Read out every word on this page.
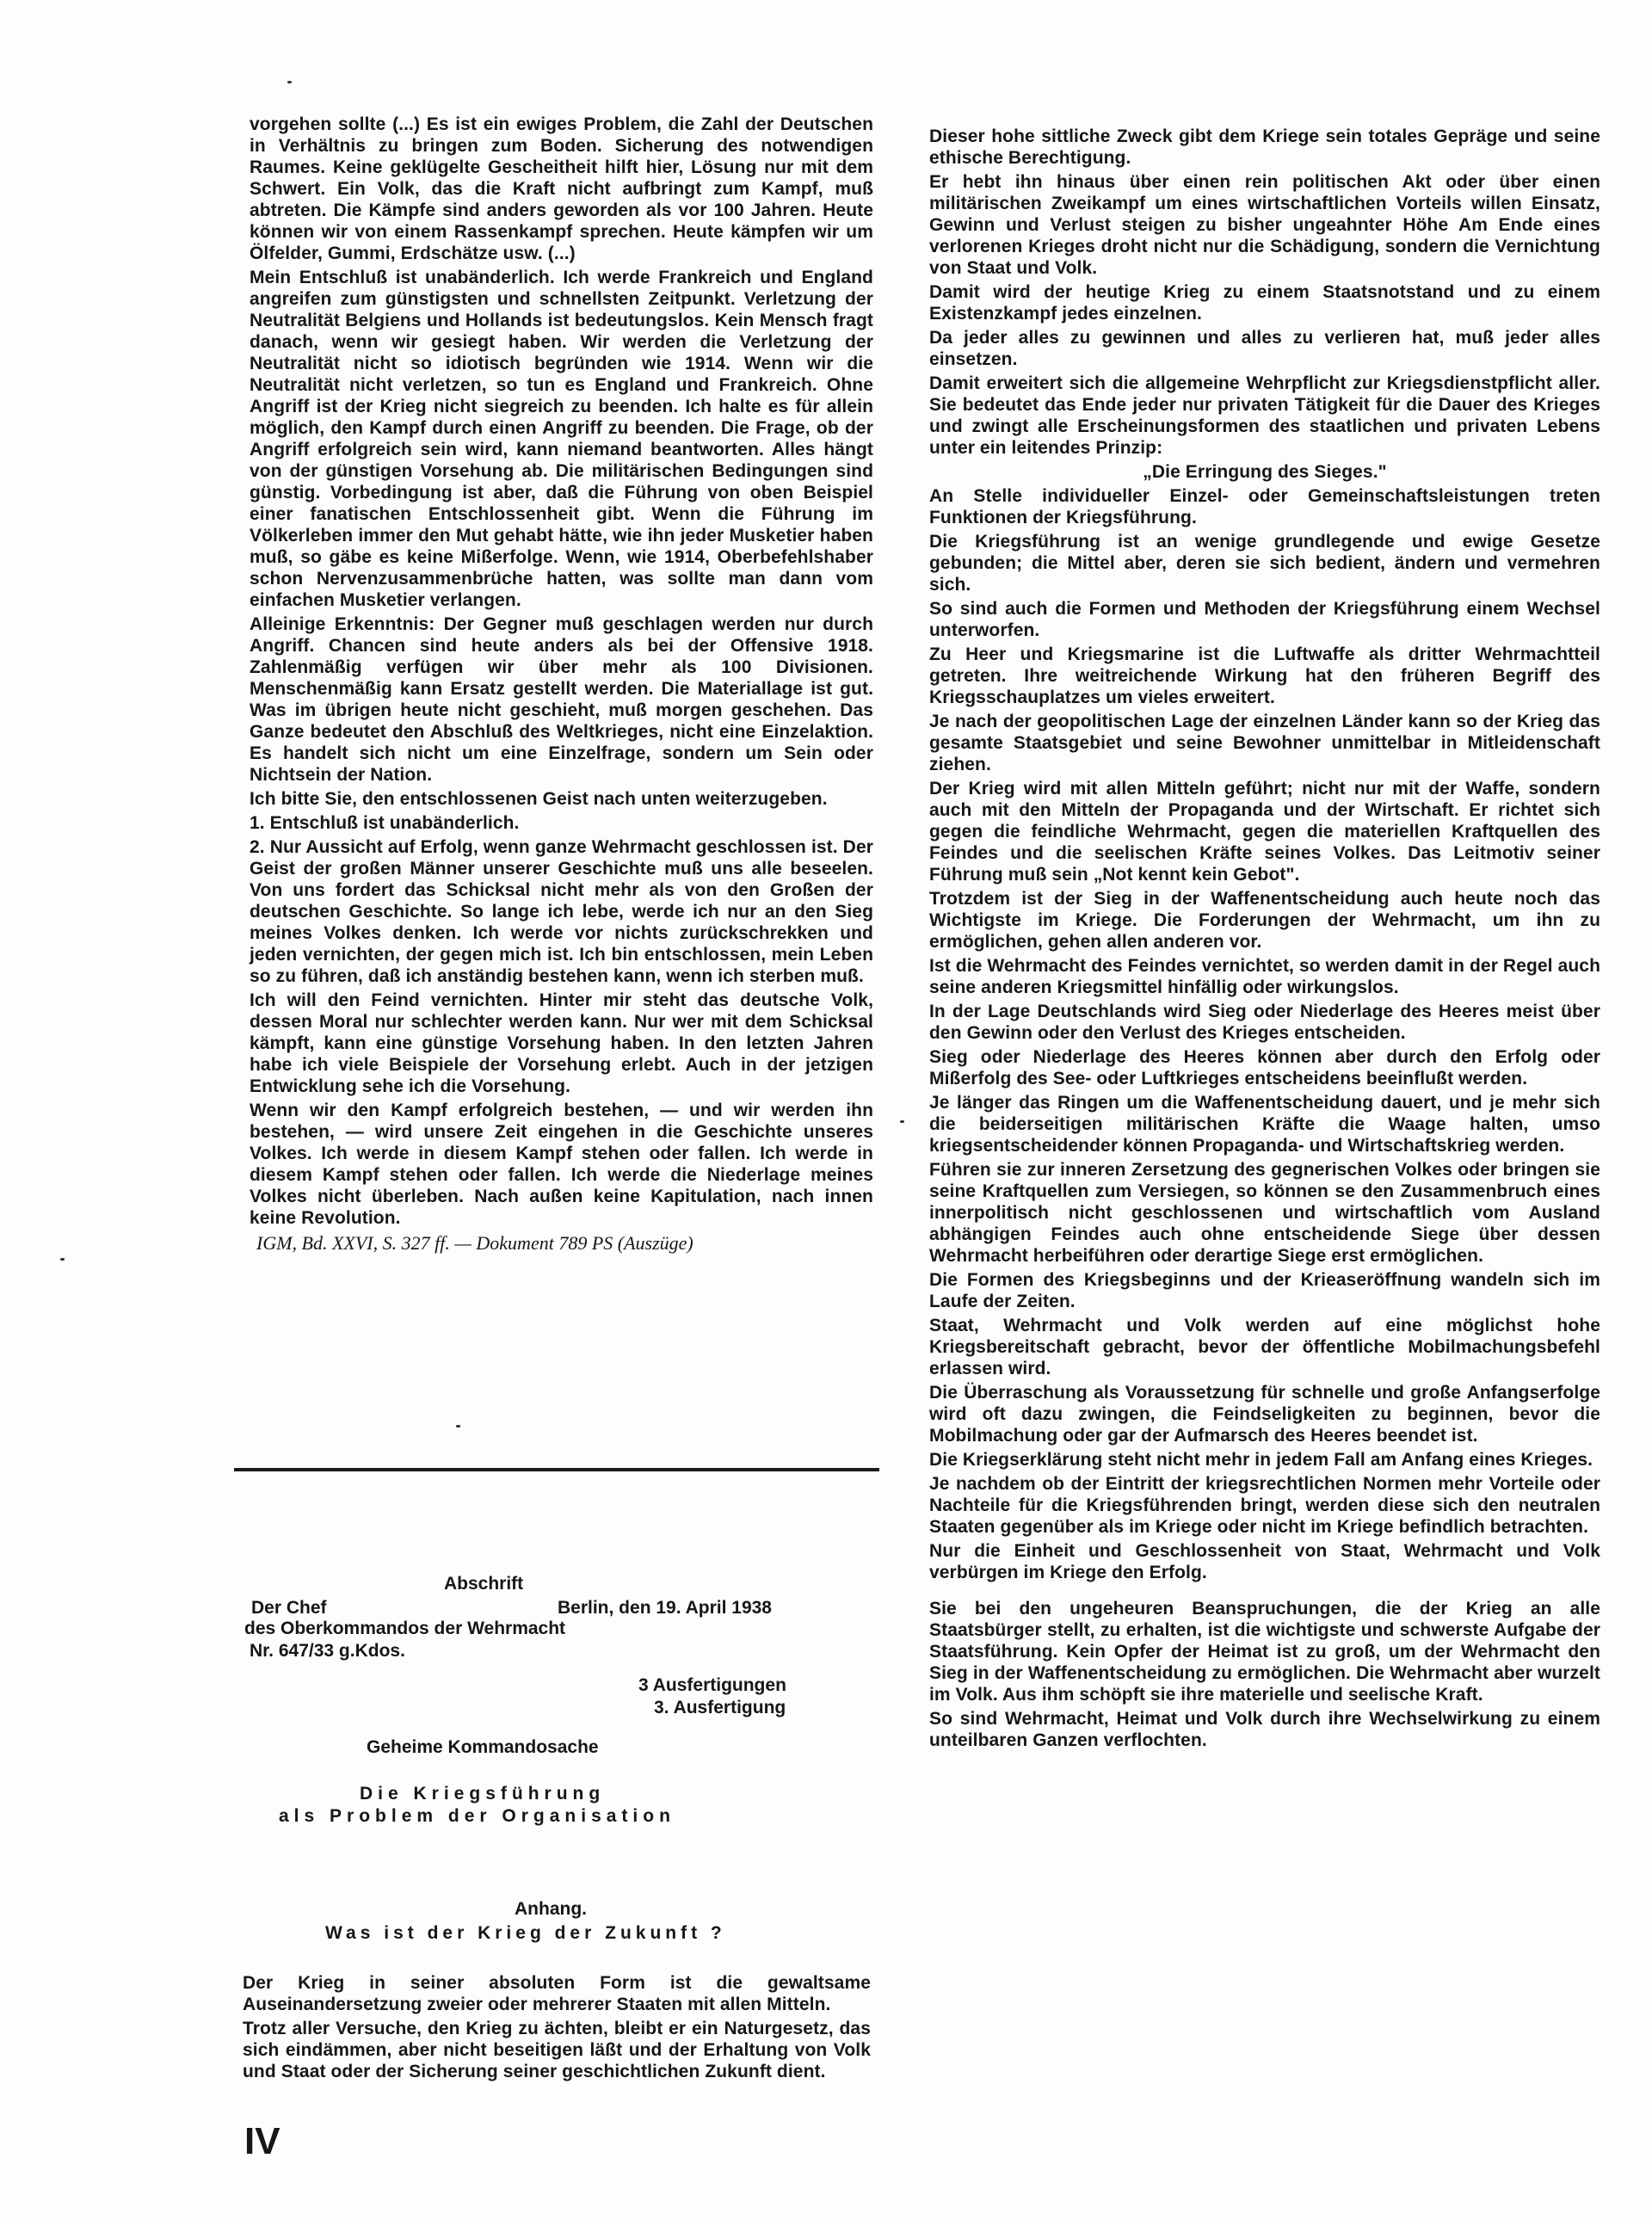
vorgehen sollte (...) Es ist ein ewiges Problem, die Zahl der Deutschen in Verhältnis zu bringen zum Boden. Sicherung des notwendigen Raumes. Keine geklügelte Gescheitheit hilft hier, Lösung nur mit dem Schwert. Ein Volk, das die Kraft nicht aufbringt zum Kampf, muß abtreten. Die Kämpfe sind anders geworden als vor 100 Jahren. Heute können wir von einem Rassenkampf sprechen. Heute kämpfen wir um Ölfelder, Gummi, Erdschätze usw. (...)

Mein Entschluß ist unabänderlich. Ich werde Frankreich und England angreifen zum günstigsten und schnellsten Zeitpunkt. Verletzung der Neutralität Belgiens und Hollands ist bedeutungslos. Kein Mensch fragt danach, wenn wir gesiegt haben. Wir werden die Verletzung der Neutralität nicht so idiotisch begründen wie 1914. Wenn wir die Neutralität nicht verletzen, so tun es England und Frankreich. Ohne Angriff ist der Krieg nicht siegreich zu beenden. Ich halte es für allein möglich, den Kampf durch einen Angriff zu beenden. Die Frage, ob der Angriff erfolgreich sein wird, kann niemand beantworten. Alles hängt von der günstigen Vorsehung ab. Die militärischen Bedingungen sind günstig. Vorbedingung ist aber, daß die Führung von oben Beispiel einer fanatischen Entschlossenheit gibt. Wenn die Führung im Völkerleben immer den Mut gehabt hätte, wie ihn jeder Musketier haben muß, so gäbe es keine Mißerfolge. Wenn, wie 1914, Oberbefehlshaber schon Nervenzusammenbrüche hatten, was sollte man dann vom einfachen Musketier verlangen.

Alleinige Erkenntnis: Der Gegner muß geschlagen werden nur durch Angriff. Chancen sind heute anders als bei der Offensive 1918. Zahlenmäßig verfügen wir über mehr als 100 Divisionen. Menschenmäßig kann Ersatz gestellt werden. Die Materiallage ist gut. Was im übrigen heute nicht geschieht, muß morgen geschehen. Das Ganze bedeutet den Abschluß des Weltkrieges, nicht eine Einzelaktion. Es handelt sich nicht um eine Einzelfrage, sondern um Sein oder Nichtsein der Nation.

Ich bitte Sie, den entschlossenen Geist nach unten weiterzugeben.

1. Entschluß ist unabänderlich.

2. Nur Aussicht auf Erfolg, wenn ganze Wehrmacht geschlossen ist. Der Geist der großen Männer unserer Geschichte muß uns alle beseelen. Von uns fordert das Schicksal nicht mehr als von den Großen der deutschen Geschichte. So lange ich lebe, werde ich nur an den Sieg meines Volkes denken. Ich werde vor nichts zurückschrekken und jeden vernichten, der gegen mich ist. Ich bin entschlossen, mein Leben so zu führen, daß ich anständig bestehen kann, wenn ich sterben muß.

Ich will den Feind vernichten. Hinter mir steht das deutsche Volk, dessen Moral nur schlechter werden kann. Nur wer mit dem Schicksal kämpft, kann eine günstige Vorsehung haben. In den letzten Jahren habe ich viele Beispiele der Vorsehung erlebt. Auch in der jetzigen Entwicklung sehe ich die Vorsehung.

Wenn wir den Kampf erfolgreich bestehen, — und wir werden ihn bestehen, — wird unsere Zeit eingehen in die Geschichte unseres Volkes. Ich werde in diesem Kampf stehen oder fallen. Ich werde in diesem Kampf stehen oder fallen. Ich werde die Niederlage meines Volkes nicht überleben. Nach außen keine Kapitulation, nach innen keine Revolution.

IGM, Bd. XXVI, S. 327 ff. — Dokument 789 PS (Auszüge)

Abschrift
Der Chef	Berlin, den 19. April 1938
des Oberkommandos der Wehrmacht
Nr. 647/33 g.Kdos.
3 Ausfertigungen
3. Ausfertigung
Geheime Kommandosache
Die Kriegsführung
als Problem der Organisation
Anhang.
Was ist der Krieg der Zukunft ?

Der Krieg in seiner absoluten Form ist die gewaltsame Auseinandersetzung zweier oder mehrerer Staaten mit allen Mitteln.

Trotz aller Versuche, den Krieg zu ächten, bleibt er ein Naturgesetz, das sich eindämmen, aber nicht beseitigen läßt und der Erhaltung von Volk und Staat oder der Sicherung seiner geschichtlichen Zukunft dient.

IV

Dieser hohe sittliche Zweck gibt dem Kriege sein totales Gepräge und seine ethische Berechtigung.

Er hebt ihn hinaus über einen rein politischen Akt oder über einen militärischen Zweikampf um eines wirtschaftlichen Vorteils willen Einsatz, Gewinn und Verlust steigen zu bisher ungeahnter Höhe Am Ende eines verlorenen Krieges droht nicht nur die Schädigung, sondern die Vernichtung von Staat und Volk.

Damit wird der heutige Krieg zu einem Staatsnotstand und zu einem Existenzkampf jedes einzelnen.

Da jeder alles zu gewinnen und alles zu verlieren hat, muß jeder alles einsetzen.

Damit erweitert sich die allgemeine Wehrpflicht zur Kriegsdienstpflicht aller. Sie bedeutet das Ende jeder nur privaten Tätigkeit für die Dauer des Krieges und zwingt alle Erscheinungsformen des staatlichen und privaten Lebens unter ein leitendes Prinzip:

„Die Erringung des Sieges."

An Stelle individueller Einzel- oder Gemeinschaftsleistungen treten Funktionen der Kriegsführung.

Die Kriegsführung ist an wenige grundlegende und ewige Gesetze gebunden; die Mittel aber, deren sie sich bedient, ändern und vermehren sich.

So sind auch die Formen und Methoden der Kriegsführung einem Wechsel unterworfen.

Zu Heer und Kriegsmarine ist die Luftwaffe als dritter Wehrmachtteil getreten. Ihre weitreichende Wirkung hat den früheren Begriff des Kriegsschauplatzes um vieles erweitert.

Je nach der geopolitischen Lage der einzelnen Länder kann so der Krieg das gesamte Staatsgebiet und seine Bewohner unmittelbar in Mitleidenschaft ziehen.

Der Krieg wird mit allen Mitteln geführt; nicht nur mit der Waffe, sondern auch mit den Mitteln der Propaganda und der Wirtschaft. Er richtet sich gegen die feindliche Wehrmacht, gegen die materiellen Kraftquellen des Feindes und die seelischen Kräfte seines Volkes. Das Leitmotiv seiner Führung muß sein „Not kennt kein Gebot".

Trotzdem ist der Sieg in der Waffenentscheidung auch heute noch das Wichtigste im Kriege. Die Forderungen der Wehrmacht, um ihn zu ermöglichen, gehen allen anderen vor.

Ist die Wehrmacht des Feindes vernichtet, so werden damit in der Regel auch seine anderen Kriegsmittel hinfällig oder wirkungslos.

In der Lage Deutschlands wird Sieg oder Niederlage des Heeres meist über den Gewinn oder den Verlust des Krieges entscheiden.

Sieg oder Niederlage des Heeres können aber durch den Erfolg oder Mißerfolg des See- oder Luftkrieges entscheidens beeinflußt werden.

Je länger das Ringen um die Waffenentscheidung dauert, und je mehr sich die beiderseitigen militärischen Kräfte die Waage halten, umso kriegsentscheidender können Propaganda- und Wirtschaftskrieg werden.

Führen sie zur inneren Zersetzung des gegnerischen Volkes oder bringen sie seine Kraftquellen zum Versiegen, so können se den Zusammenbruch eines innerpolitisch nicht geschlossenen und wirtschaftlich vom Ausland abhängigen Feindes auch ohne entscheidende Siege über dessen Wehrmacht herbeiführen oder derartige Siege erst ermöglichen.

Die Formen des Kriegsbeginns und der Krieaseröffnung wandeln sich im Laufe der Zeiten.

Staat, Wehrmacht und Volk werden auf eine möglichst hohe Kriegsbereitschaft gebracht, bevor der öffentliche Mobilmachungsbefehl erlassen wird.

Die Überraschung als Voraussetzung für schnelle und große Anfangserfolge wird oft dazu zwingen, die Feindseligkeiten zu beginnen, bevor die Mobilmachung oder gar der Aufmarsch des Heeres beendet ist.

Die Kriegserklärung steht nicht mehr in jedem Fall am Anfang eines Krieges.

Je nachdem ob der Eintritt der kriegsrechtlichen Normen mehr Vorteile oder Nachteile für die Kriegsführenden bringt, werden diese sich den neutralen Staaten gegenüber als im Kriege oder nicht im Kriege befindlich betrachten.

Nur die Einheit und Geschlossenheit von Staat, Wehrmacht und Volk verbürgen im Kriege den Erfolg.

Sie bei den ungeheuren Beanspruchungen, die der Krieg an alle Staatsbürger stellt, zu erhalten, ist die wichtigste und schwerste Aufgabe der Staatsführung. Kein Opfer der Heimat ist zu groß, um der Wehrmacht den Sieg in der Waffenentscheidung zu ermöglichen. Die Wehrmacht aber wurzelt im Volk. Aus ihm schöpft sie ihre materielle und seelische Kraft.

So sind Wehrmacht, Heimat und Volk durch ihre Wechselwirkung zu einem unteilbaren Ganzen verflochten.
